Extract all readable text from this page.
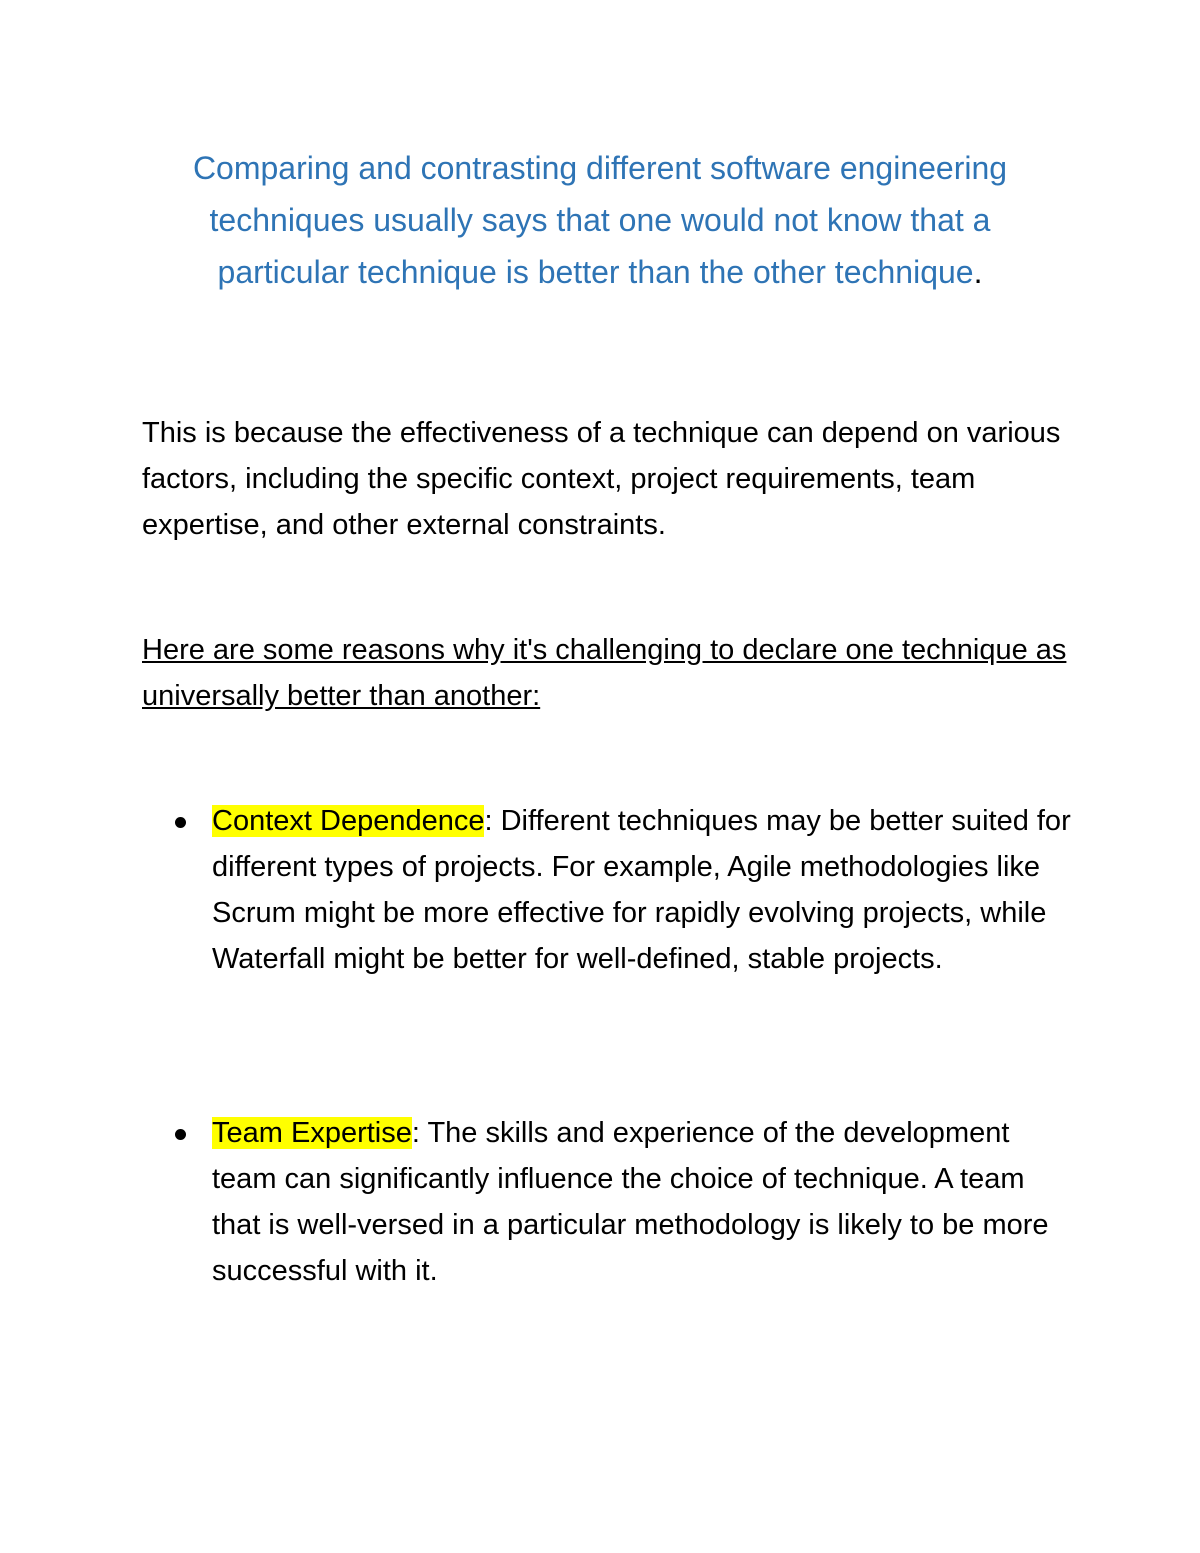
Comparing and contrasting different software engineering techniques usually says that one would not know that a particular technique is better than the other technique.

This is because the effectiveness of a technique can depend on various factors, including the specific context, project requirements, team expertise, and other external constraints.

Here are some reasons why it's challenging to declare one technique as universally better than another:

Context Dependence: Different techniques may be better suited for different types of projects. For example, Agile methodologies like Scrum might be more effective for rapidly evolving projects, while Waterfall might be better for well-defined, stable projects.
Team Expertise: The skills and experience of the development team can significantly influence the choice of technique. A team that is well-versed in a particular methodology is likely to be more successful with it.
